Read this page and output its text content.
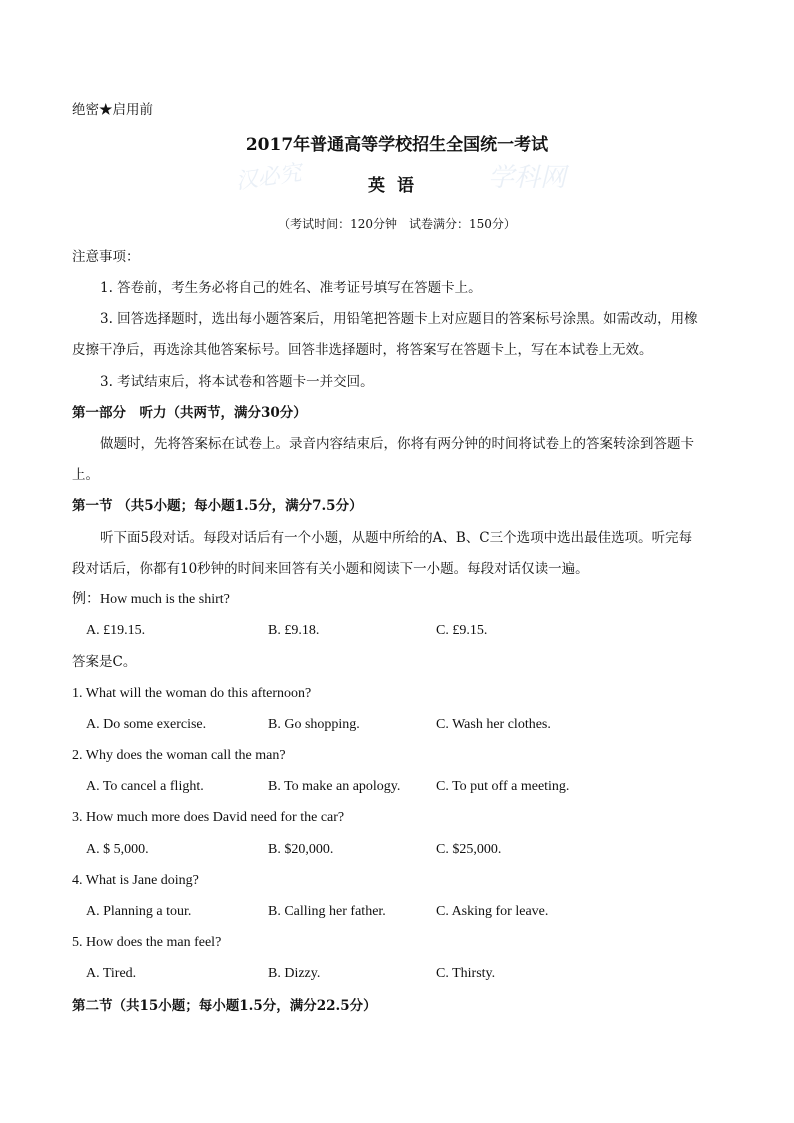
汉必究	学科网
绝密★启用前
2017年普通高等学校招生全国统一考试
英语
（考试时间：120分钟　试卷满分：150分）
注意事项：
1. 答卷前，考生务必将自己的姓名、准考证号填写在答题卡上。
3. 回答选择题时，选出每小题答案后，用铅笔把答题卡上对应题目的答案标号涂黑。如需改动，用橡
皮擦干净后，再选涂其他答案标号。回答非选择题时，将答案写在答题卡上，写在本试卷上无效。
3. 考试结束后，将本试卷和答题卡一并交回。
第一部分　听力（共两节，满分30分）
做题时，先将答案标在试卷上。录音内容结束后，你将有两分钟的时间将试卷上的答案转涂到答题卡
上。
第一节 （共5小题；每小题1.5分，满分7.5分）
听下面5段对话。每段对话后有一个小题，从题中所给的A、B、C三个选项中选出最佳选项。听完每
段对话后，你都有10秒钟的时间来回答有关小题和阅读下一小题。每段对话仅读一遍。
例：How much is the shirt?
A. £19.15.	B. £9.18.	C. £9.15.
答案是C。
1. What will the woman do this afternoon?
A. Do some exercise.	B. Go shopping.	C. Wash her clothes.
2. Why does the woman call the man?
A. To cancel a flight.	B. To make an apology.	C. To put off a meeting.
3. How much more does David need for the car?
A. $ 5,000.	B. $20,000.	C. $25,000.
4. What is Jane doing?
A. Planning a tour.	B. Calling her father.	C. Asking for leave.
5. How does the man feel?
A. Tired.	B. Dizzy.	C. Thirsty.
第二节（共15小题；每小题1.5分，满分22.5分）
